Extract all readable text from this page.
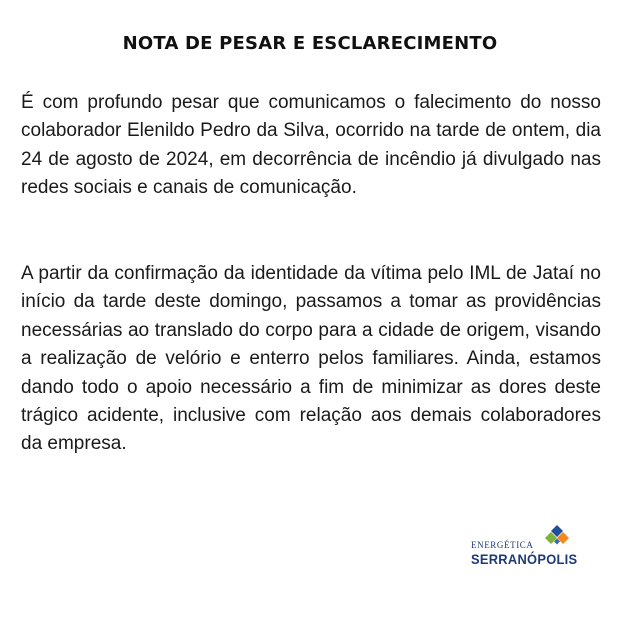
NOTA DE PESAR E ESCLARECIMENTO

É com profundo pesar que comunicamos o falecimento do nosso colaborador Elenildo Pedro da Silva, ocorrido na tarde de ontem, dia 24 de agosto de 2024, em decorrência de incêndio já divulgado nas redes sociais e canais de comunicação.

A partir da confirmação da identidade da vítima pelo IML de Jataí no início da tarde deste domingo, passamos a tomar as providências necessárias ao translado do corpo para a cidade de origem, visando a realização de velório e enterro pelos familiares. Ainda, estamos dando todo o apoio necessário a fim de minimizar as dores deste trágico acidente, inclusive com relação aos demais colaboradores da empresa.

ENERGÉTICA
SERRANÓPOLIS
